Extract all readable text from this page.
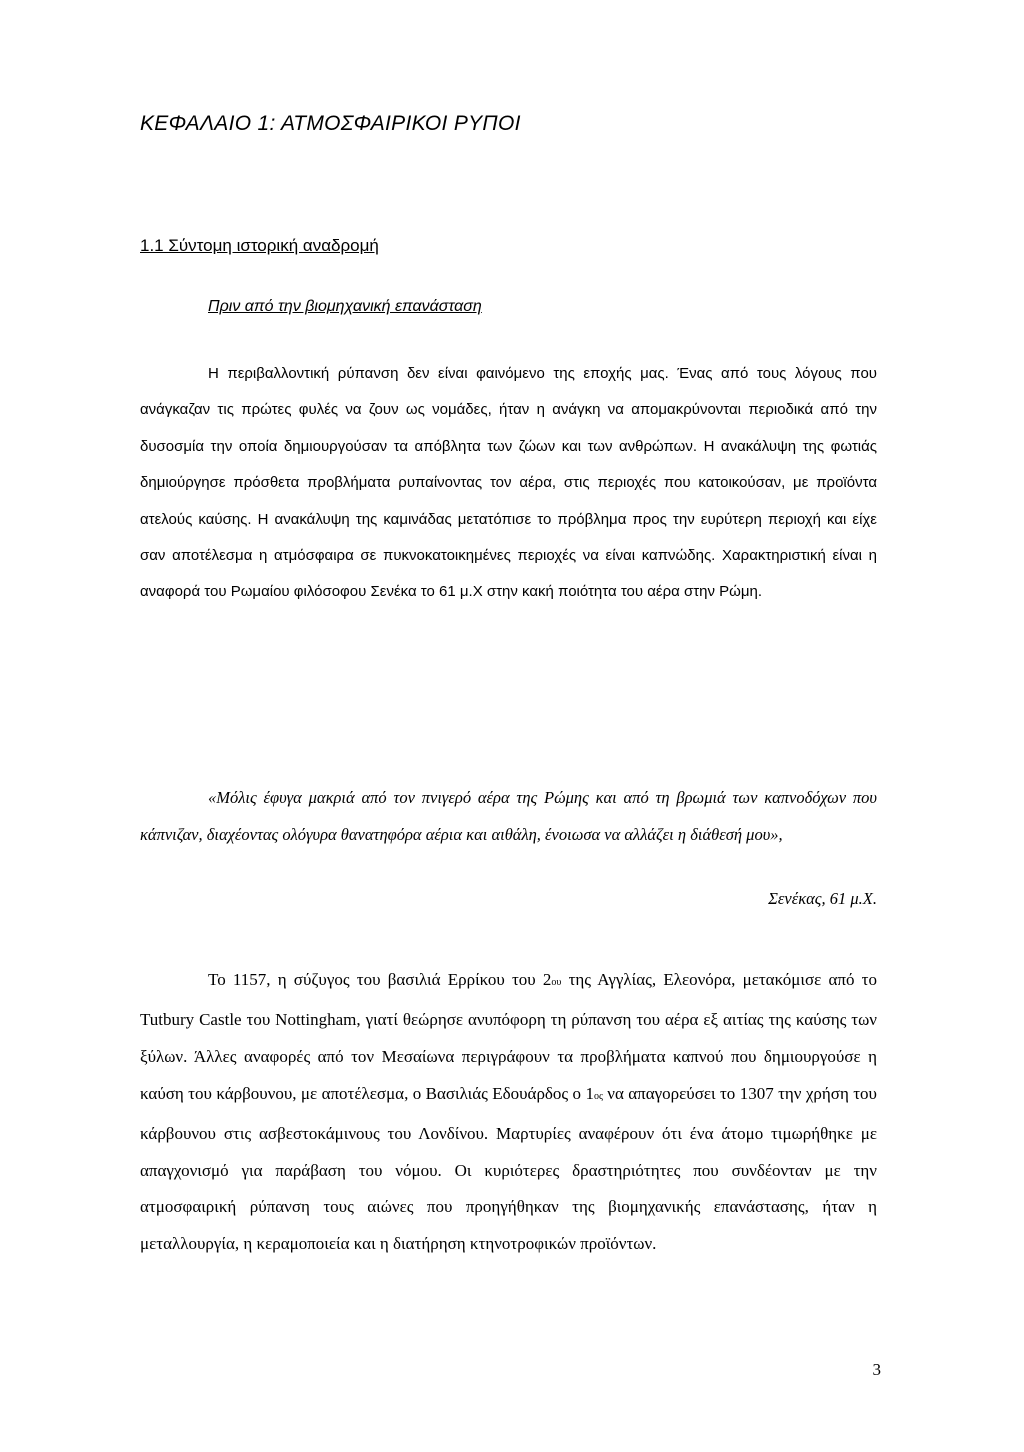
ΚΕΦΑΛΑΙΟ 1: ΑΤΜΟΣΦΑΙΡΙΚΟΙ ΡΥΠΟΙ
1.1 Σύντομη ιστορική αναδρομή
Πριν από την βιομηχανική επανάσταση

Η περιβαλλοντική ρύπανση δεν είναι φαινόμενο της εποχής μας. Ένας από τους λόγους που ανάγκαζαν τις πρώτες φυλές να ζουν ως νομάδες, ήταν η ανάγκη να απομακρύνονται περιοδικά από την δυσοσμία την οποία δημιουργούσαν τα απόβλητα των ζώων και των ανθρώπων. Η ανακάλυψη της φωτιάς δημιούργησε πρόσθετα προβλήματα ρυπαίνοντας τον αέρα, στις περιοχές που κατοικούσαν, με προϊόντα ατελούς καύσης. Η ανακάλυψη της καμινάδας μετατόπισε το πρόβλημα προς την ευρύτερη περιοχή και είχε σαν αποτέλεσμα η ατμόσφαιρα σε πυκνοκατοικημένες περιοχές να είναι καπνώδης. Χαρακτηριστική είναι η αναφορά του Ρωμαίου φιλόσοφου Σενέκα το 61 μ.Χ στην κακή ποιότητα του αέρα στην Ρώμη.

«Μόλις έφυγα μακριά από τον πνιγερό αέρα της Ρώμης και από τη βρωμιά των καπνοδόχων που κάπνιζαν, διαχέοντας ολόγυρα θανατηφόρα αέρια και αιθάλη, ένοιωσα να αλλάζει η διάθεσή μου»,

Σενέκας, 61 μ.Χ.

Το 1157, η σύζυγος του βασιλιά Ερρίκου του 2ου της Αγγλίας, Ελεονόρα, μετακόμισε από το Tutbury Castle του Nottingham, γιατί θεώρησε ανυπόφορη τη ρύπανση του αέρα εξ αιτίας της καύσης των ξύλων. Άλλες αναφορές από τον Μεσαίωνα περιγράφουν τα προβλήματα καπνού που δημιουργούσε η καύση του κάρβουνου, με αποτέλεσμα, ο Βασιλιάς Εδουάρδος ο 1ος να απαγορεύσει το 1307 την χρήση του κάρβουνου στις ασβεστοκάμινους του Λονδίνου. Μαρτυρίες αναφέρουν ότι ένα άτομο τιμωρήθηκε με απαγχονισμό για παράβαση του νόμου. Οι κυριότερες δραστηριότητες που συνδέονταν με την ατμοσφαιρική ρύπανση τους αιώνες που προηγήθηκαν της βιομηχανικής επανάστασης, ήταν η μεταλλουργία, η κεραμοποιεία και η διατήρηση κτηνοτροφικών προϊόντων.

3
